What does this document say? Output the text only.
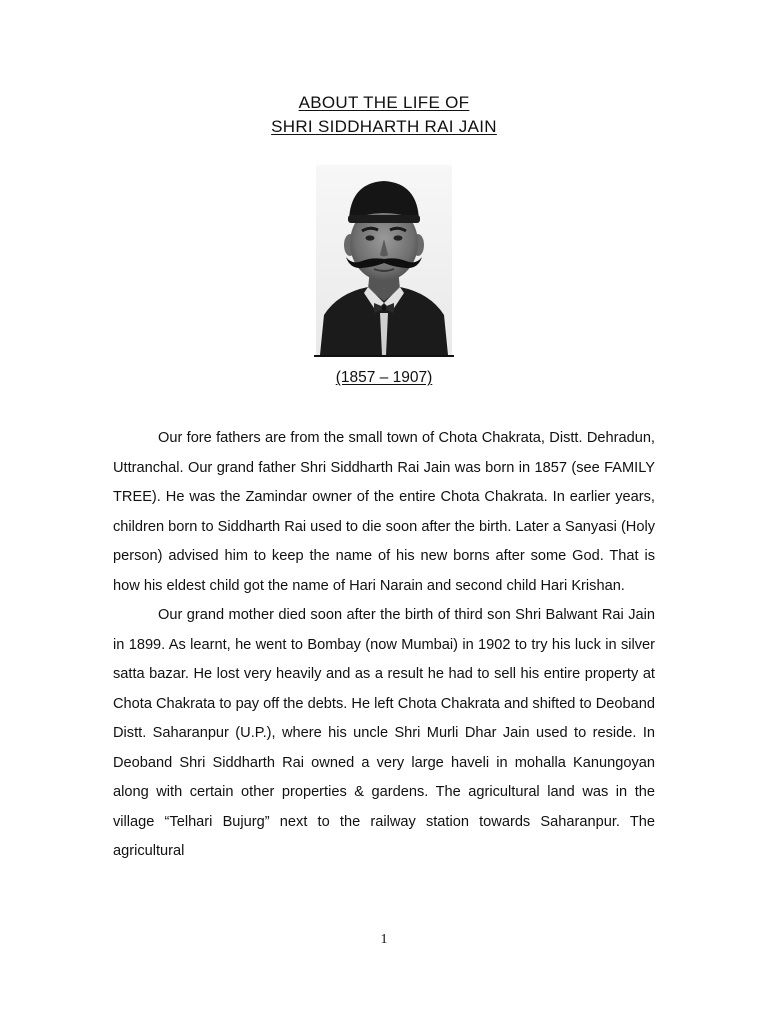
ABOUT THE LIFE OF
SHRI SIDDHARTH RAI JAIN
(1857 – 1907)

Our fore fathers are from the small town of Chota Chakrata, Distt. Dehradun, Uttranchal. Our grand father Shri Siddharth Rai Jain was born in 1857 (see FAMILY TREE). He was the Zamindar owner of the entire Chota Chakrata. In earlier years, children born to Siddharth Rai used to die soon after the birth. Later a Sanyasi (Holy person) advised him to keep the name of his new borns after some God. That is how his eldest child got the name of Hari Narain and second child Hari Krishan.

Our grand mother died soon after the birth of third son Shri Balwant Rai Jain in 1899. As learnt, he went to Bombay (now Mumbai) in 1902 to try his luck in silver satta bazar. He lost very heavily and as a result he had to sell his entire property at Chota Chakrata to pay off the debts. He left Chota Chakrata and shifted to Deoband Distt. Saharanpur (U.P.), where his uncle Shri Murli Dhar Jain used to reside. In Deoband Shri Siddharth Rai owned a very large haveli in mohalla Kanungoyan along with certain other properties & gardens. The agricultural land was in the village “Telhari Bujurg” next to the railway station towards Saharanpur. The agricultural

1
